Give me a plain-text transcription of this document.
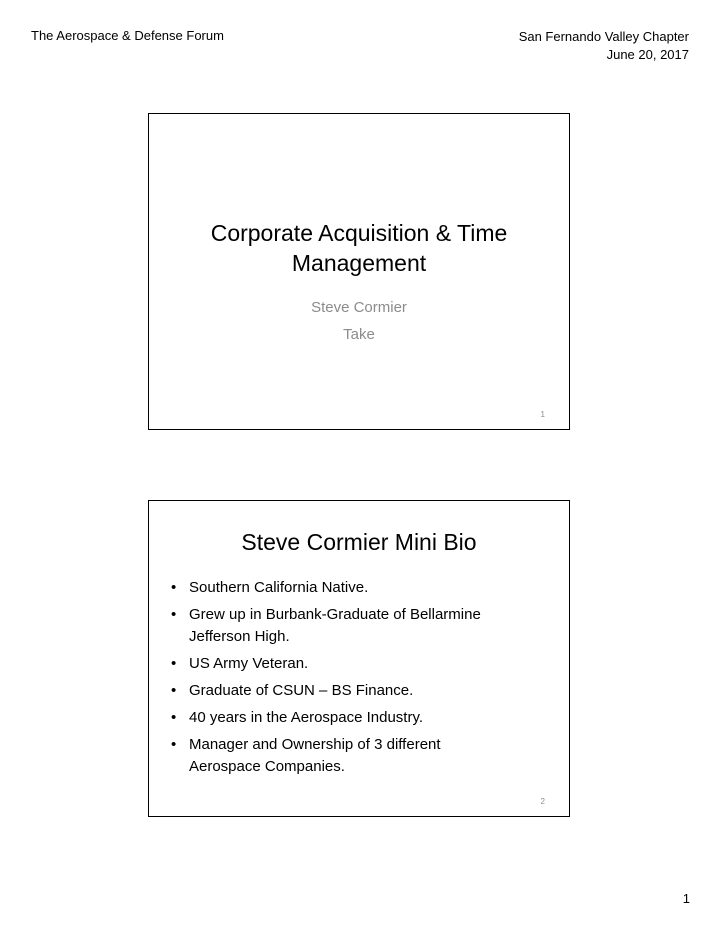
The Aerospace & Defense Forum	San Fernando Valley Chapter
June 20, 2017
Corporate Acquisition & Time
Management
Steve Cormier
Take
1
Steve Cormier Mini Bio
• Southern California Native.
• Grew up in Burbank-Graduate of Bellarmine
Jefferson High.
• US Army Veteran.
• Graduate of CSUN – BS Finance.
• 40 years in the Aerospace Industry.
• Manager and Ownership of 3 different
Aerospace Companies.
2
1
